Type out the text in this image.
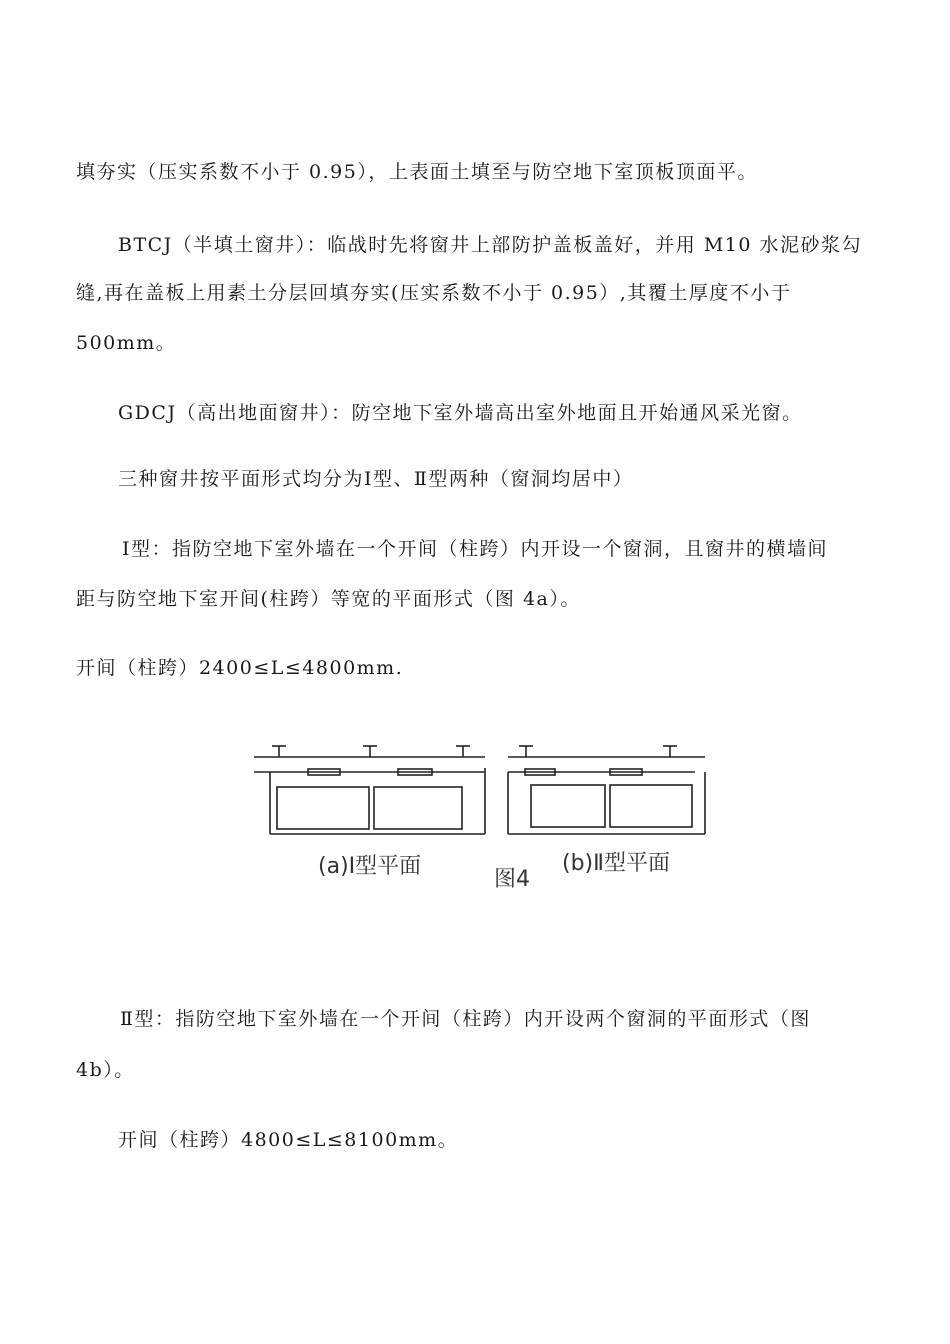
填夯实（压实系数不小于 0.95），上表面土填至与防空地下室顶板顶面平。
BTCJ（半填土窗井）：临战时先将窗井上部防护盖板盖好，并用 M10 水泥砂浆勾
缝,再在盖板上用素土分层回填夯实(压实系数不小于 0.95）,其覆土厚度不小于
500mm。
GDCJ（高出地面窗井）：防空地下室外墙高出室外地面且开始通风采光窗。
三种窗井按平面形式均分为Ⅰ型、Ⅱ型两种（窗洞均居中）
Ⅰ型：指防空地下室外墙在一个开间（柱跨）内开设一个窗洞，且窗井的横墙间
距与防空地下室开间(柱跨）等宽的平面形式（图 4a）。
开间（柱跨）2400≤L≤4800mm.
(a)Ⅰ型平面
图4
(b)Ⅱ型平面
Ⅱ型：指防空地下室外墙在一个开间（柱跨）内开设两个窗洞的平面形式（图
4b）。
开间（柱跨）4800≤L≤8100mm。
